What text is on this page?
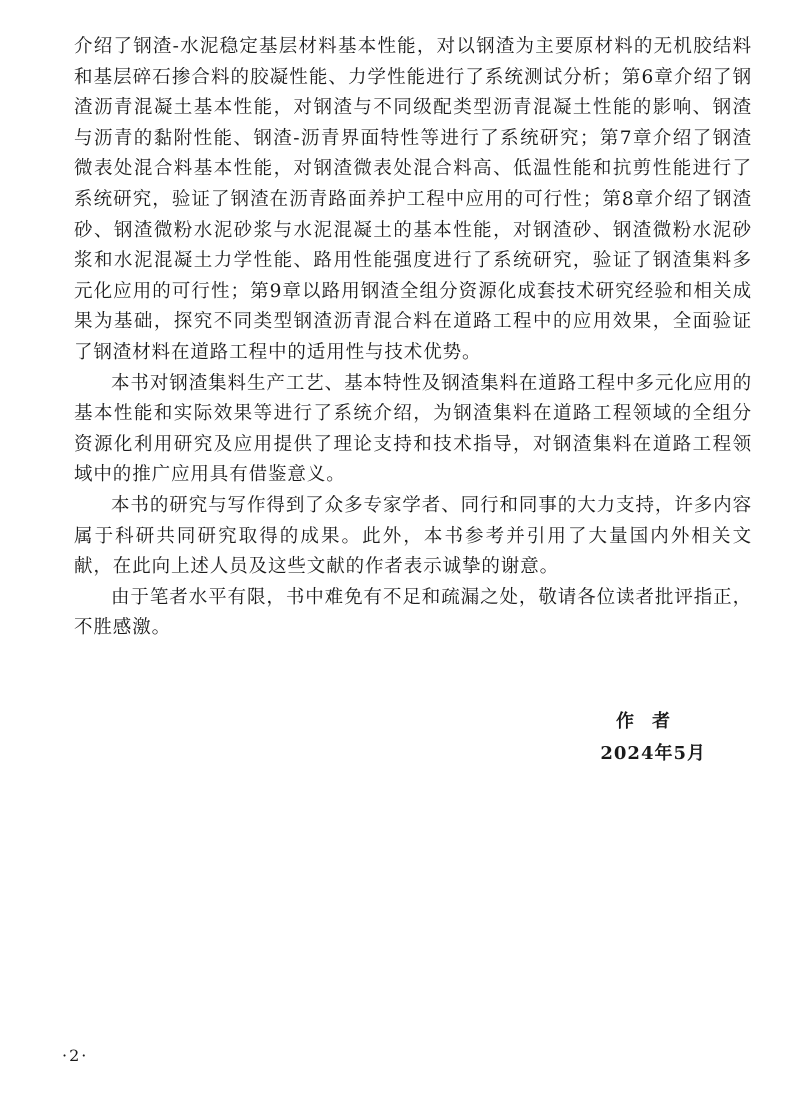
介绍了钢渣-水泥稳定基层材料基本性能，对以钢渣为主要原材料的无机胶结料和基层碎石掺合料的胶凝性能、力学性能进行了系统测试分析；第6章介绍了钢渣沥青混凝土基本性能，对钢渣与不同级配类型沥青混凝土性能的影响、钢渣与沥青的黏附性能、钢渣-沥青界面特性等进行了系统研究；第7章介绍了钢渣微表处混合料基本性能，对钢渣微表处混合料高、低温性能和抗剪性能进行了系统研究，验证了钢渣在沥青路面养护工程中应用的可行性；第8章介绍了钢渣砂、钢渣微粉水泥砂浆与水泥混凝土的基本性能，对钢渣砂、钢渣微粉水泥砂浆和水泥混凝土力学性能、路用性能强度进行了系统研究，验证了钢渣集料多元化应用的可行性；第9章以路用钢渣全组分资源化成套技术研究经验和相关成果为基础，探究不同类型钢渣沥青混合料在道路工程中的应用效果，全面验证了钢渣材料在道路工程中的适用性与技术优势。

本书对钢渣集料生产工艺、基本特性及钢渣集料在道路工程中多元化应用的基本性能和实际效果等进行了系统介绍，为钢渣集料在道路工程领域的全组分资源化利用研究及应用提供了理论支持和技术指导，对钢渣集料在道路工程领域中的推广应用具有借鉴意义。

本书的研究与写作得到了众多专家学者、同行和同事的大力支持，许多内容属于科研共同研究取得的成果。此外，本书参考并引用了大量国内外相关文献，在此向上述人员及这些文献的作者表示诚挚的谢意。

由于笔者水平有限，书中难免有不足和疏漏之处，敬请各位读者批评指正，不胜感激。

作者
2024年5月
·2·
